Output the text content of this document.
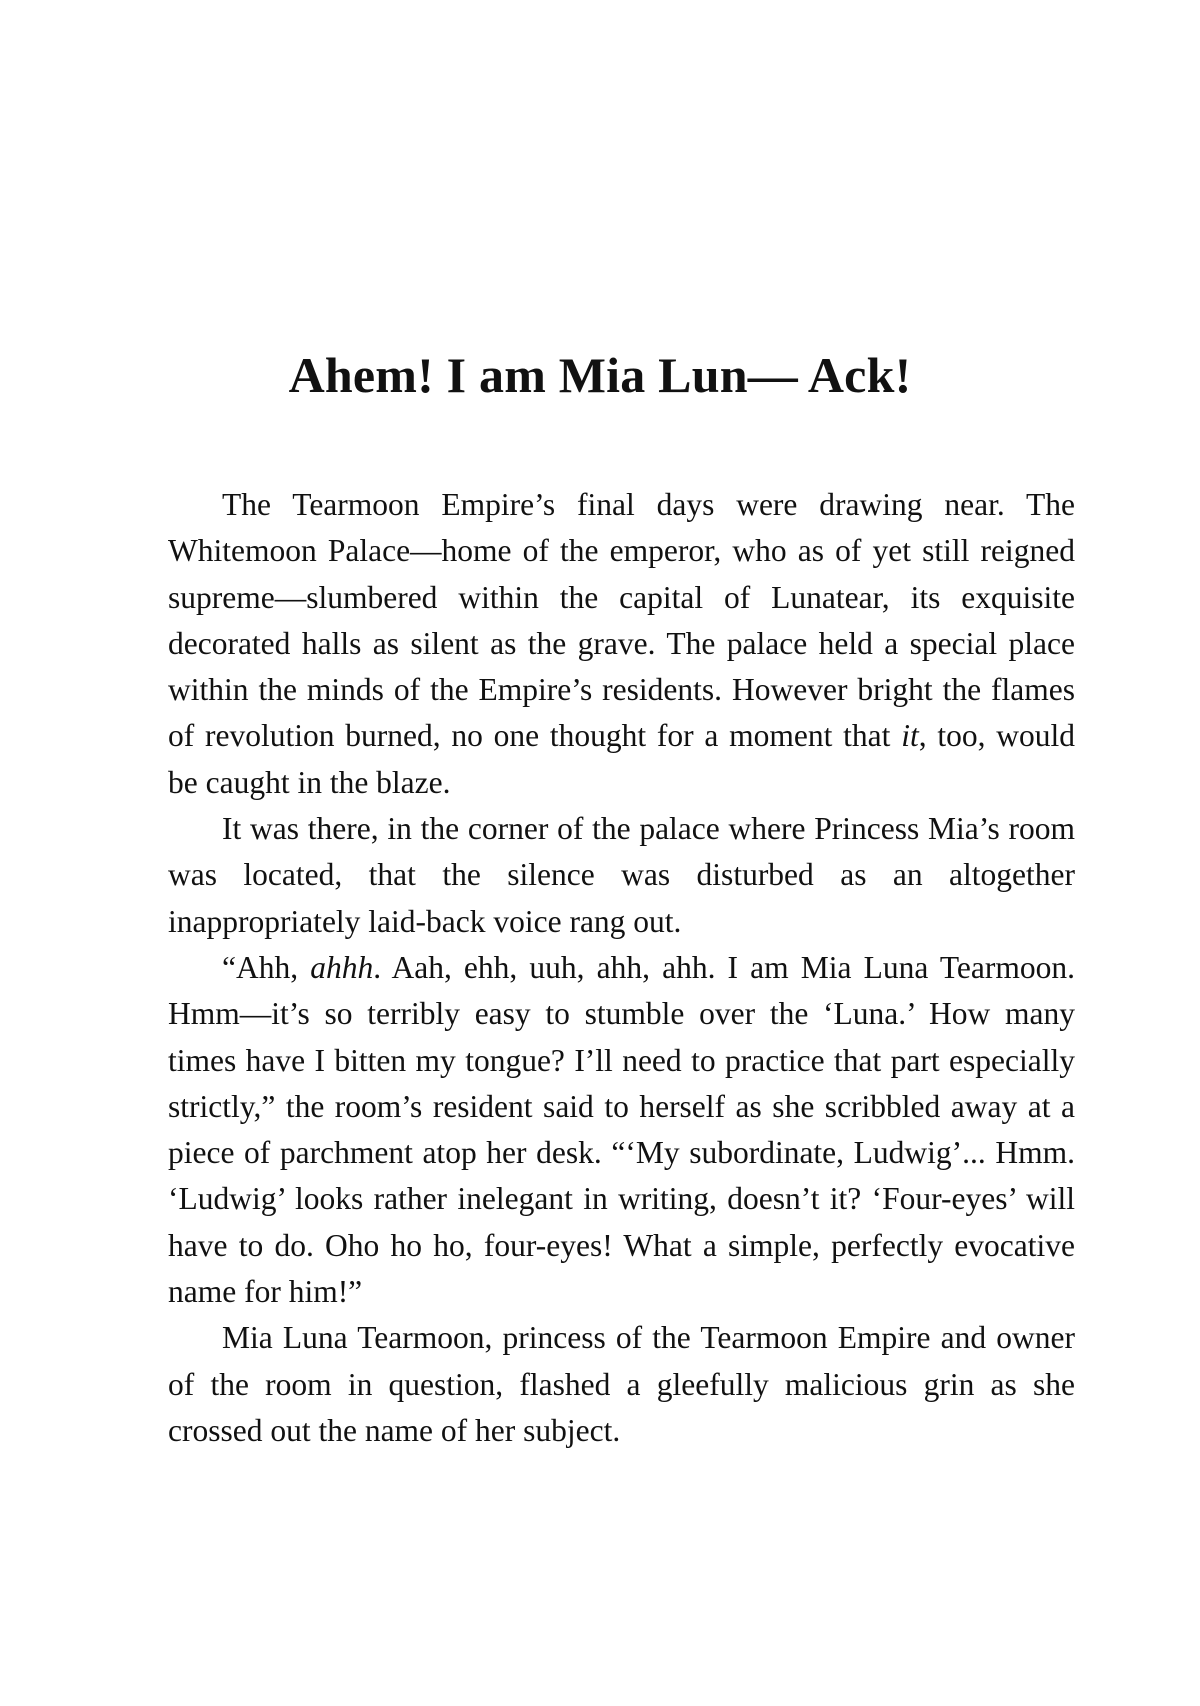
Ahem! I am Mia Lun— Ack!

The Tearmoon Empire’s final days were drawing near. The Whitemoon Palace—home of the emperor, who as of yet still reigned supreme—slumbered within the capital of Lunatear, its exquisite decorated halls as silent as the grave. The palace held a special place within the minds of the Empire’s residents. However bright the flames of revolution burned, no one thought for a moment that it, too, would be caught in the blaze.

It was there, in the corner of the palace where Princess Mia’s room was located, that the silence was disturbed as an altogether inappropriately laid-back voice rang out.

“Ahh, ahhh. Aah, ehh, uuh, ahh, ahh. I am Mia Luna Tearmoon. Hmm—it’s so terribly easy to stumble over the ‘Luna.’ How many times have I bitten my tongue? I’ll need to practice that part especially strictly,” the room’s resident said to herself as she scribbled away at a piece of parchment atop her desk. “‘My subordinate, Ludwig’... Hmm. ‘Ludwig’ looks rather inelegant in writing, doesn’t it? ‘Four-eyes’ will have to do. Oho ho ho, four-eyes! What a simple, perfectly evocative name for him!”

Mia Luna Tearmoon, princess of the Tearmoon Empire and owner of the room in question, flashed a gleefully malicious grin as she crossed out the name of her subject.
